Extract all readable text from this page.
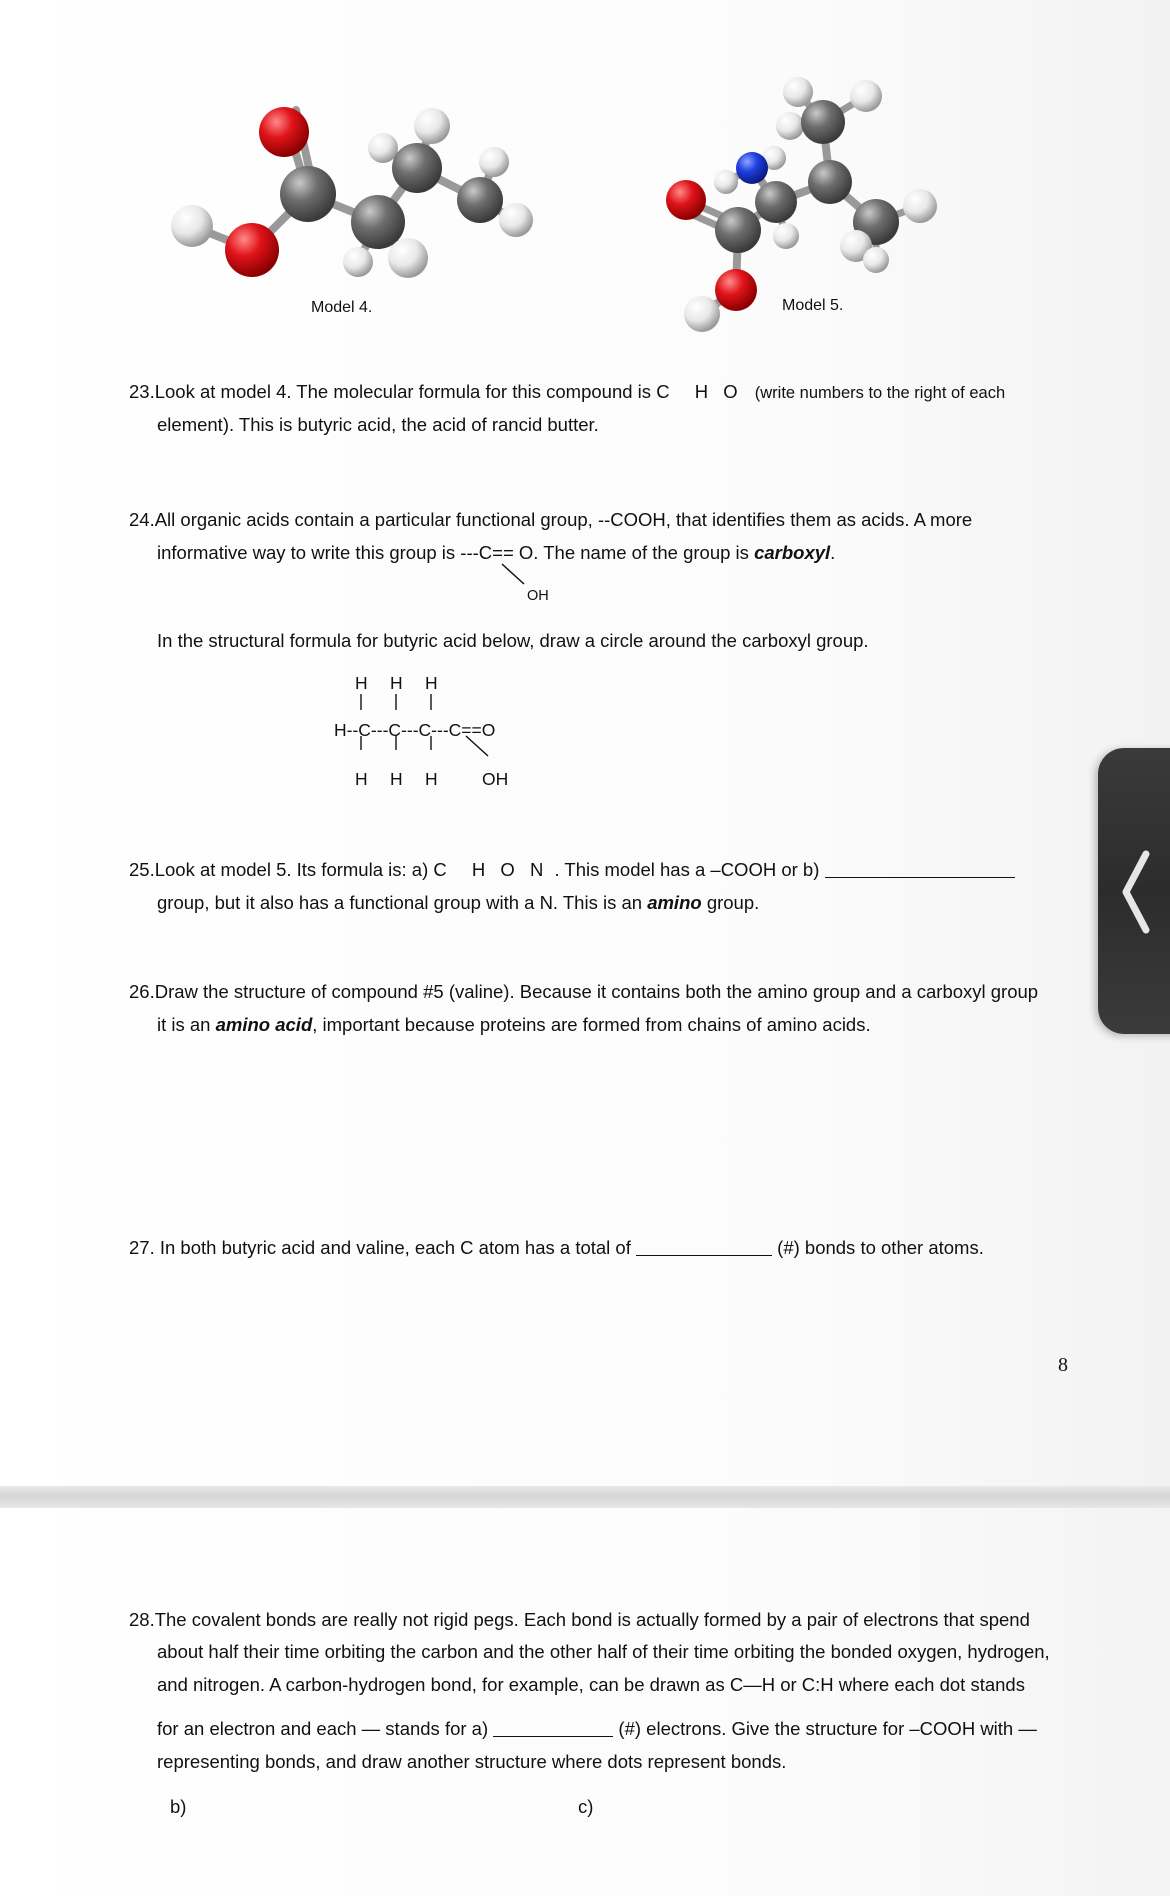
Model 4.	Model 5.
23.Look at model 4. The molecular formula for this compound is C H O (write numbers to the right of each
element). This is butyric acid, the acid of rancid butter.
24.All organic acids contain a particular functional group, --COOH, that identifies them as acids. A more
informative way to write this group is ---C== O. The name of the group is carboxyl.
OH
In the structural formula for butyric acid below, draw a circle around the carboxyl group.
H H H
H--C---C---C---C==O
H H H	OH
25.Look at model 5. Its formula is: a) C H O N . This model has a –COOH or b)
group, but it also has a functional group with a N. This is an amino group.
26.Draw the structure of compound #5 (valine). Because it contains both the amino group and a carboxyl group
it is an amino acid, important because proteins are formed from chains of amino acids.
27. In both butyric acid and valine, each C atom has a total of	(#) bonds to other atoms.
8
28.The covalent bonds are really not rigid pegs. Each bond is actually formed by a pair of electrons that spend
about half their time orbiting the carbon and the other half of their time orbiting the bonded oxygen, hydrogen,
and nitrogen. A carbon-hydrogen bond, for example, can be drawn as C—H or C:H where each dot stands
for an electron and each — stands for a)	(#) electrons. Give the structure for –COOH with —
representing bonds, and draw another structure where dots represent bonds.
b)	c)
